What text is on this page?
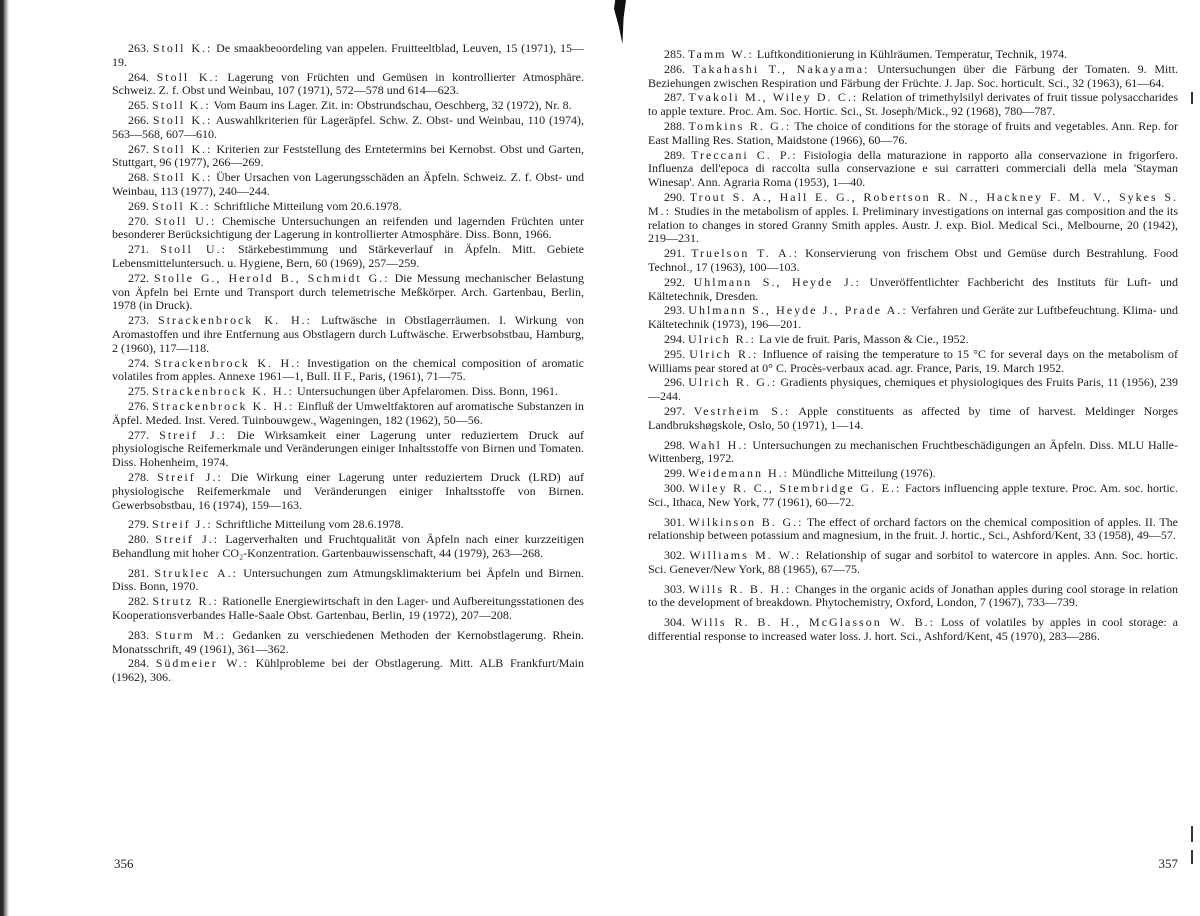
263. Stoll K.: De smaakbeoordeling van appelen. Fruitteeltblad, Leuven, 15 (1971), 15—19.
264. Stoll K.: Lagerung von Früchten und Gemüsen in kontrollierter Atmosphäre. Schweiz. Z. f. Obst und Weinbau, 107 (1971), 572—578 und 614—623.
265. Stoll K.: Vom Baum ins Lager. Zit. in: Obstrundschau, Oeschberg, 32 (1972), Nr. 8.
266. Stoll K.: Auswahlkriterien für Lageräpfel. Schw. Z. Obst- und Weinbau, 110 (1974), 563—568, 607—610.
267. Stoll K.: Kriterien zur Feststellung des Erntetermins bei Kernobst. Obst und Garten, Stuttgart, 96 (1977), 266—269.
268. Stoll K.: Über Ursachen von Lagerungsschäden an Äpfeln. Schweiz. Z. f. Obst- und Weinbau, 113 (1977), 240—244.
269. Stoll K.: Schriftliche Mitteilung vom 20.6.1978.
270. Stoll U.: Chemische Untersuchungen an reifenden und lagernden Früchten unter besonderer Berücksichtigung der Lagerung in kontrollierter Atmosphäre. Diss. Bonn, 1966.
271. Stoll U.: Stärkebestimmung und Stärkeverlauf in Äpfeln. Mitt. Gebiete Lebensmitteluntersuch. u. Hygiene, Bern, 60 (1969), 257—259.
272. Stolle G., Herold B., Schmidt G.: Die Messung mechanischer Belastung von Äpfeln bei Ernte und Transport durch telemetrische Meßkörper. Arch. Gartenbau, Berlin, 1978 (in Druck).
273. Strackenbrock K. H.: Luftwäsche in Obstlagerräumen. I. Wirkung von Aromastoffen und ihre Entfernung aus Obstlagern durch Luftwäsche. Erwerbsobstbau, Hamburg, 2 (1960), 117—118.
274. Strackenbrock K. H.: Investigation on the chemical composition of aromatic volatiles from apples. Annexe 1961—1, Bull. II F., Paris, (1961), 71—75.
275. Strackenbrock K. H.: Untersuchungen über Apfelaromen. Diss. Bonn, 1961.
276. Strackenbrock K. H.: Einfluß der Umweltfaktoren auf aromatische Substanzen in Äpfel. Meded. Inst. Vered. Tuinbouwgew., Wageningen, 182 (1962), 50—56.
277. Streif J.: Die Wirksamkeit einer Lagerung unter reduziertem Druck auf physiologische Reifemerkmale und Veränderungen einiger Inhaltsstoffe von Birnen und Tomaten. Diss. Hohenheim, 1974.
278. Streif J.: Die Wirkung einer Lagerung unter reduziertem Druck (LRD) auf physiologische Reifemerkmale und Veränderungen einiger Inhaltsstoffe von Birnen. Gewerbsobstbau, 16 (1974), 159—163.
279. Streif J.: Schriftliche Mitteilung vom 28.6.1978.
280. Streif J.: Lagerverhalten und Fruchtqualität von Äpfeln nach einer kurzzeitigen Behandlung mit hoher CO₂-Konzentration. Gartenbauwissenschaft, 44 (1979), 263—268.
281. Struklec A.: Untersuchungen zum Atmungsklimakterium bei Äpfeln und Birnen. Diss. Bonn, 1970.
282. Strutz R.: Rationelle Energiewirtschaft in den Lager- und Aufbereitungsstationen des Kooperationsverbandes Halle-Saale Obst. Gartenbau, Berlin, 19 (1972), 207—208.
283. Sturm M.: Gedanken zu verschiedenen Methoden der Kernobstlagerung. Rhein. Monatsschrift, 49 (1961), 361—362.
284. Südmeier W.: Kühlprobleme bei der Obstlagerung. Mitt. ALB Frankfurt/Main (1962), 306.
356
285. Tamm W.: Luftkonditionierung in Kühlräumen. Temperatur, Technik, 1974.
286. Takahashi T., Nakayama: Untersuchungen über die Färbung der Tomaten. 9. Mitt. Beziehungen zwischen Respiration und Färbung der Früchte. J. Jap. Soc. horticult. Sci., 32 (1963), 61—64.
287. Tvakoli M., Wiley D. C.: Relation of trimethylsilyl derivates of fruit tissue polysaccharides to apple texture. Proc. Am. Soc. Hortic. Sci., St. Joseph/Mick., 92 (1968), 780—787.
288. Tomkins R. G.: The choice of conditions for the storage of fruits and vegetables. Ann. Rep. for East Malling Res. Station, Maidstone (1966), 60—76.
289. Treccani C. P.: Fisiologia della maturazione in rapporto alla conservazione in frigorfero. Influenza dell'epoca di raccolta sulla conservazione e sui carratteri commerciali della mela 'Stayman Winesap'. Ann. Agraria Roma (1953), 1—40.
290. Trout S. A., Hall E. G., Robertson R. N., Hackney F. M. V., Sykes S. M.: Studies in the metabolism of apples. I. Preliminary investigations on internal gas composition and the its relation to changes in stored Granny Smith apples. Austr. J. exp. Biol. Medical Sci., Melbourne, 20 (1942), 219—231.
291. Truelson T. A.: Konservierung von frischem Obst und Gemüse durch Bestrahlung. Food Technol., 17 (1963), 100—103.
292. Uhlmann S., Heyde J.: Unveröffentlichter Fachbericht des Instituts für Luft- und Kältetechnik, Dresden.
293. Uhlmann S., Heyde J., Prade A.: Verfahren und Geräte zur Luftbefeuchtung. Klima- und Kältetechnik (1973), 196—201.
294. Ulrich R.: La vie de fruit. Paris, Masson & Cie., 1952.
295. Ulrich R.: Influence of raising the temperature to 15 °C for several days on the metabolism of Williams pear stored at 0° C. Procès-verbaux acad. agr. France, Paris, 19. March 1952.
296. Ulrich R. G.: Gradients physiques, chemiques et physiologiques des Fruits Paris, 11 (1956), 239—244.
297. Vestrheim S.: Apple constituents as affected by time of harvest. Meldinger Norges Landbrukshøgskole, Oslo, 50 (1971), 1—14.
298. Wahl H.: Untersuchungen zu mechanischen Fruchtbeschädigungen an Äpfeln. Diss. MLU Halle-Wittenberg, 1972.
299. Weidemann H.: Mündliche Mitteilung (1976).
300. Wiley R. C., Stembridge G. E.: Factors influencing apple texture. Proc. Am. soc. hortic. Sci., Ithaca, New York, 77 (1961), 60—72.
301. Wilkinson B. G.: The effect of orchard factors on the chemical composition of apples. II. The relationship between potassium and magnesium, in the fruit. J. hortic., Sci., Ashford/Kent, 33 (1958), 49—57.
302. Williams M. W.: Relationship of sugar and sorbitol to watercore in apples. Ann. Soc. hortic. Sci. Genever/New York, 88 (1965), 67—75.
303. Wills R. B. H.: Changes in the organic acids of Jonathan apples during cool storage in relation to the development of breakdown. Phytochemistry, Oxford, London, 7 (1967), 733—739.
304. Wills R. B. H., McGlasson W. B.: Loss of volatiles by apples in cool storage: a differential response to increased water loss. J. hort. Sci., Ashford/Kent, 45 (1970), 283—286.
357
